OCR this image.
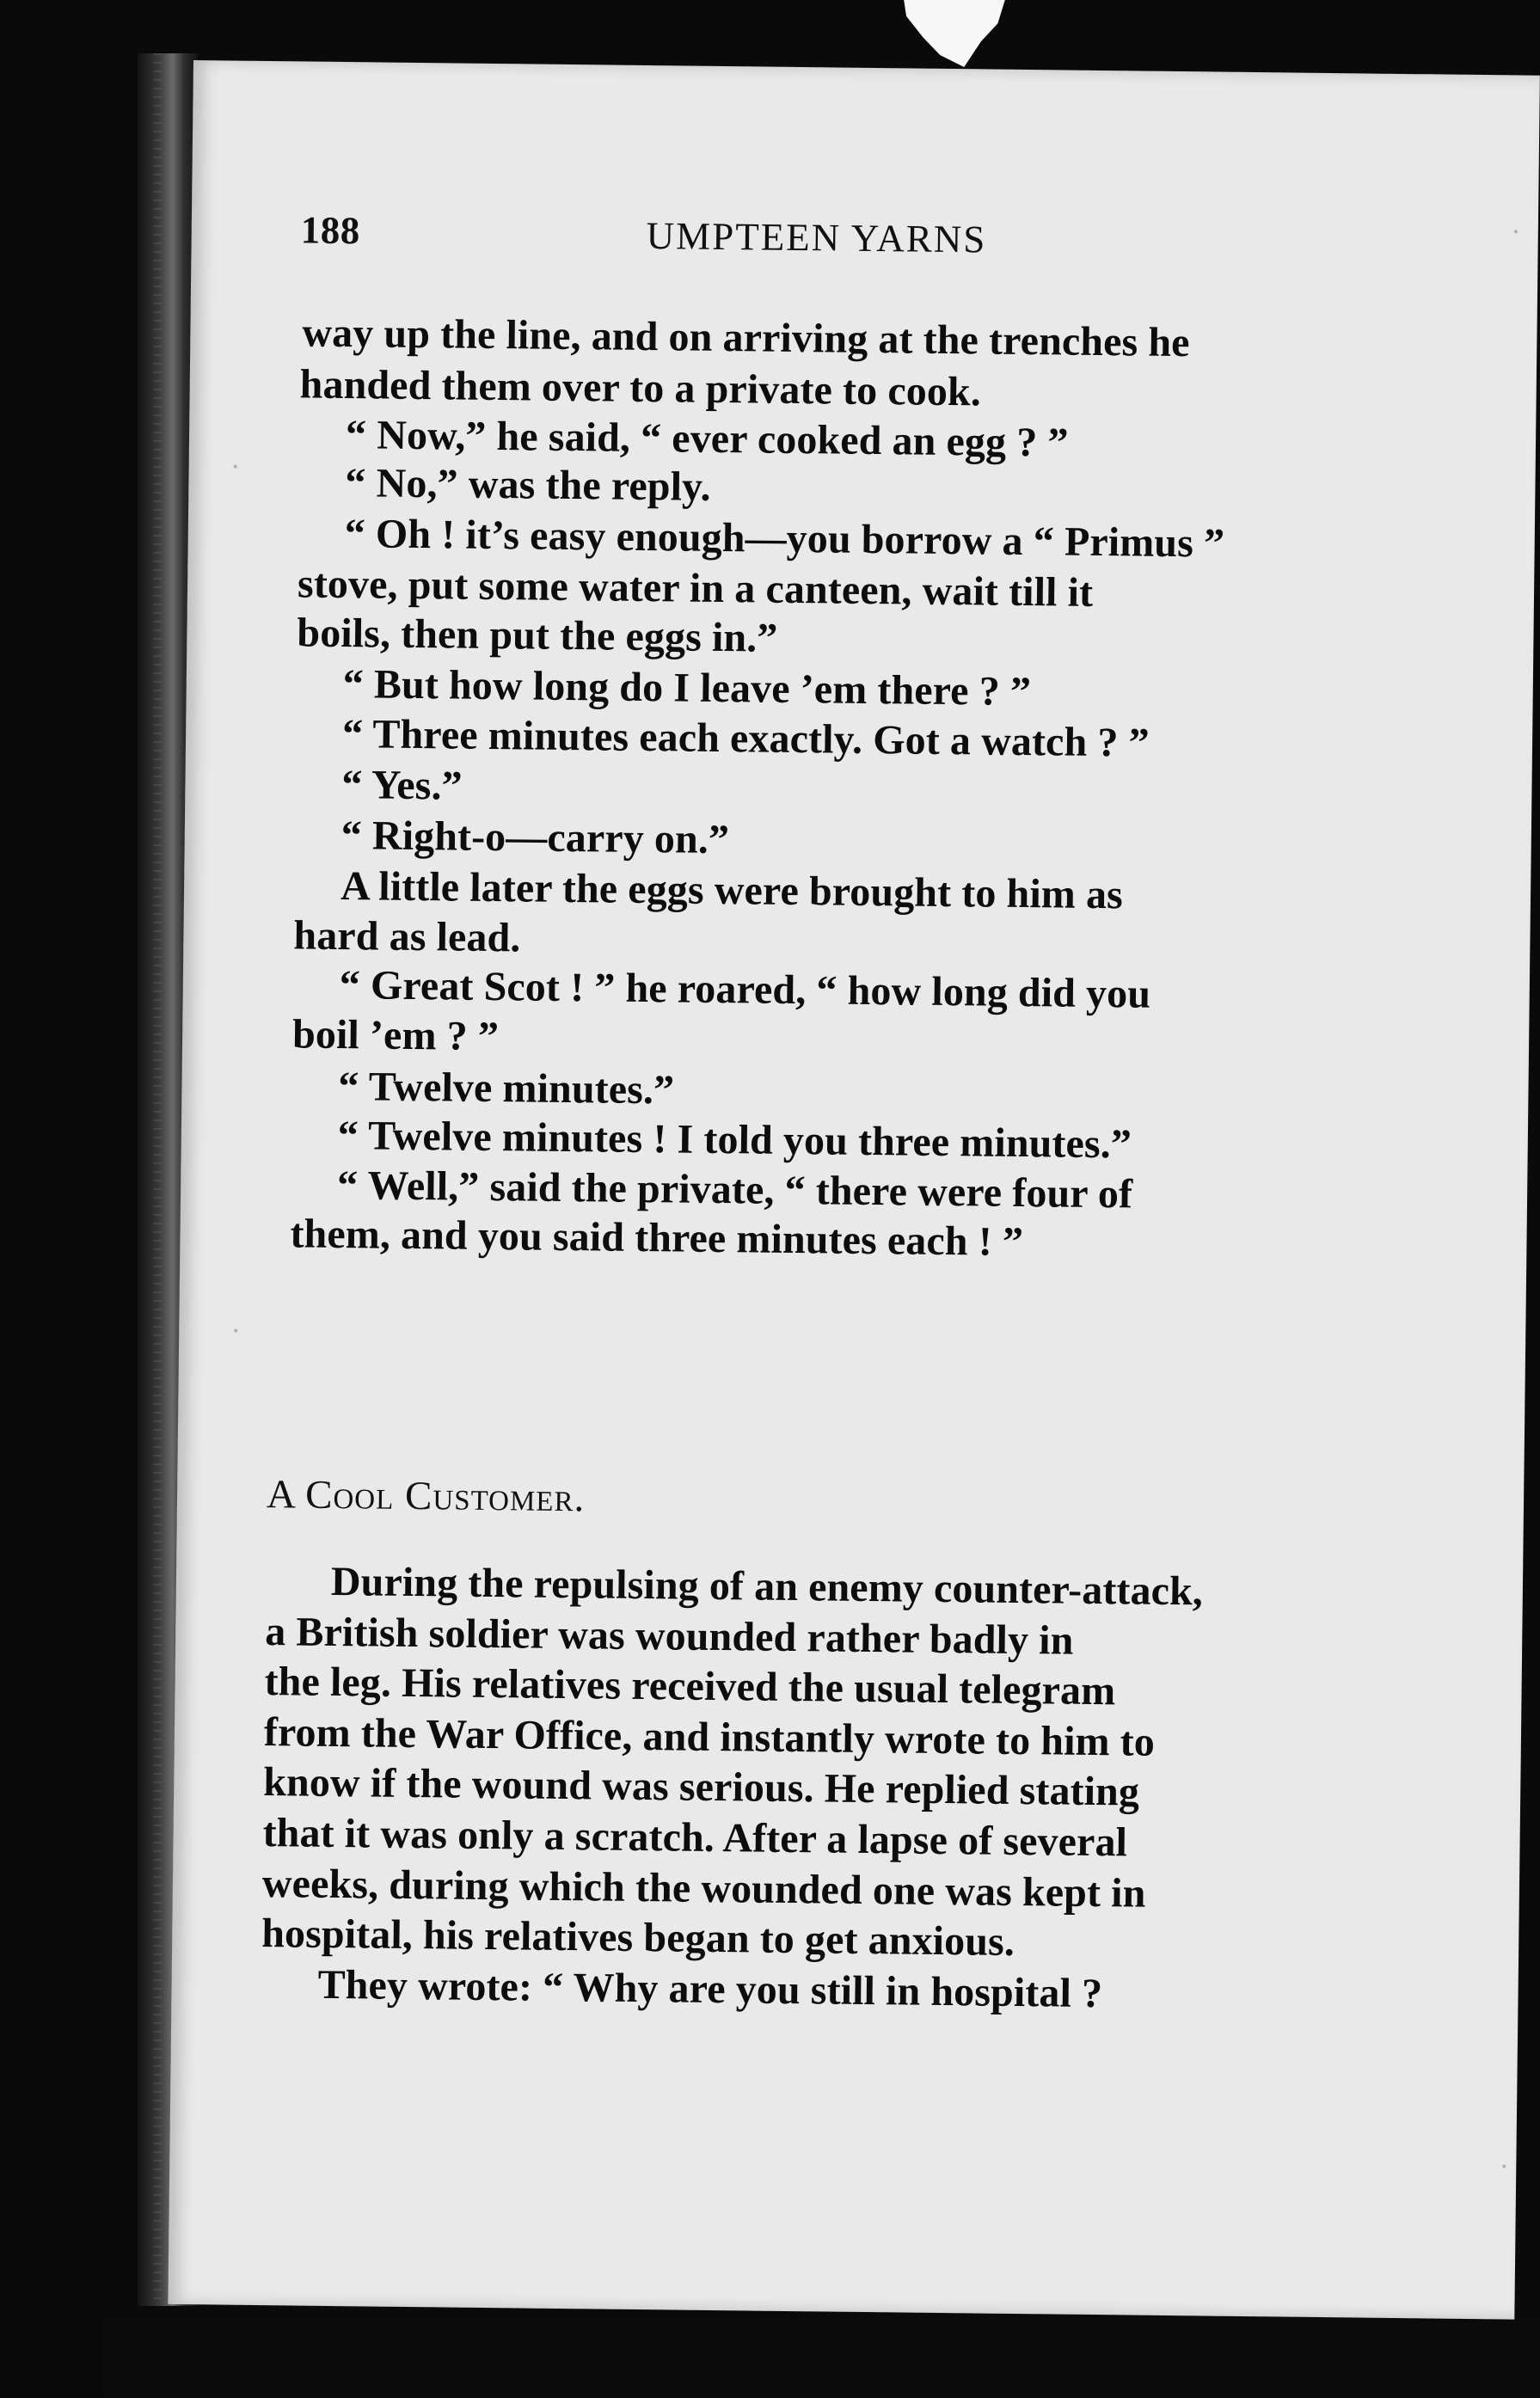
188	UMPTEEN YARNS
way up the line, and on arriving at the trenches he
handed them over to a private to cook.
“ Now,” he said, “ ever cooked an egg ? ”
“ No,” was the reply.
“ Oh ! it’s easy enough—you borrow a “ Primus ”
stove, put some water in a canteen, wait till it
boils, then put the eggs in.”
“ But how long do I leave ’em there ? ”
“ Three minutes each exactly. Got a watch ? ”
“ Yes.”
“ Right-o—carry on.”
A little later the eggs were brought to him as
hard as lead.
“ Great Scot ! ” he roared, “ how long did you
boil ’em ? ”
“ Twelve minutes.”
“ Twelve minutes ! I told you three minutes.”
“ Well,” said the private, “ there were four of
them, and you said three minutes each ! ”
A Cool Customer.
During the repulsing of an enemy counter-attack,
a British soldier was wounded rather badly in
the leg. His relatives received the usual telegram
from the War Office, and instantly wrote to him to
know if the wound was serious. He replied stating
that it was only a scratch. After a lapse of several
weeks, during which the wounded one was kept in
hospital, his relatives began to get anxious.
They wrote: “ Why are you still in hospital ?
